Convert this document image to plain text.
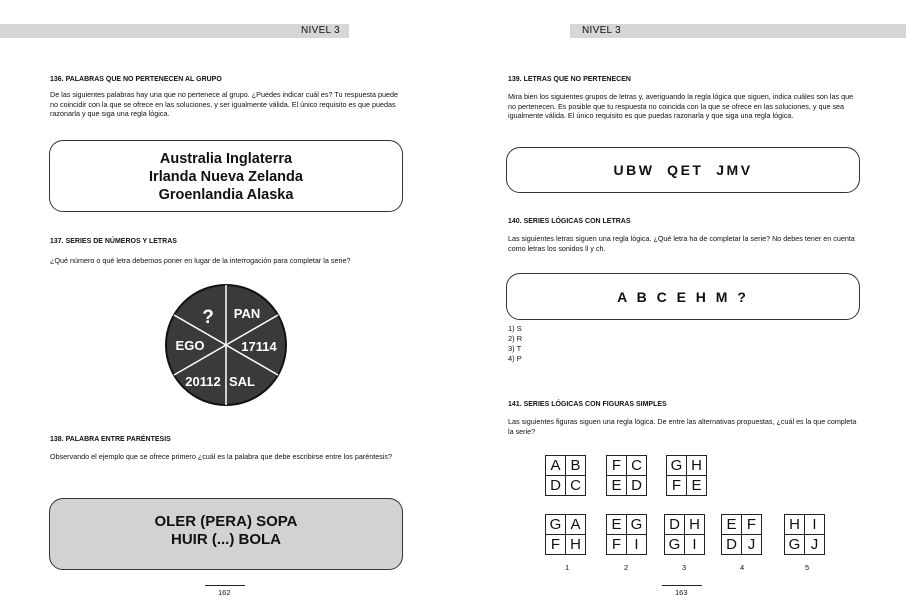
NIVEL 3
136. PALABRAS QUE NO PERTENECEN AL GRUPO
De las siguientes palabras hay una que no pertenece al grupo. ¿Puedes indicar cuál es? Tu respuesta puede no coincidir con la que se ofrece en las soluciones, y ser igualmente válida. El único requisito es que puedas razonarla y que siga una regla lógica.
Australia Inglaterra
Irlanda Nueva Zelanda
Groenlandia Alaska
137. SERIES DE NÚMEROS Y LETRAS
¿Qué número o qué letra debemos poner en lugar de la interrogación para completar la serie?
? PAN
EGO	17114
20112 SAL
138. PALABRA ENTRE PARÉNTESIS
Observando el ejemplo que se ofrece primero ¿cuál es la palabra que debe escribirse entre los paréntesis?
OLER (PERA) SOPA
HUIR (...) BOLA
162
NIVEL 3
139. LETRAS QUE NO PERTENECEN
Mira bien los siguientes grupos de letras y, averiguando la regla lógica que siguen, indica cuáles son las que no pertenecen. Es posible que tu respuesta no coincida con la que se ofrece en las soluciones, y que sea igualmente válida. El único requisito es que puedas razonarla y que siga una regla lógica.
UBW  QET  JMV
140. SERIES LÓGICAS CON LETRAS
Las siguientes letras siguen una regla lógica. ¿Qué letra ha de completar la serie? No debes tener en cuenta como letras los sonidos ll y ch.
A B C E H M ?
1) S
2) R
3) T
4) P
141. SERIES LÓGICAS CON FIGURAS SIMPLES
Las siguientes figuras siguen una regla lógica. De entre las alternativas propuestas, ¿cuál es la que completa la serie?
A B
D C
F C
E D
G H
F E
G A
F H
E G
F I
D H
G I
E F
D J
H I
G J
1	2	3	4	5
163
